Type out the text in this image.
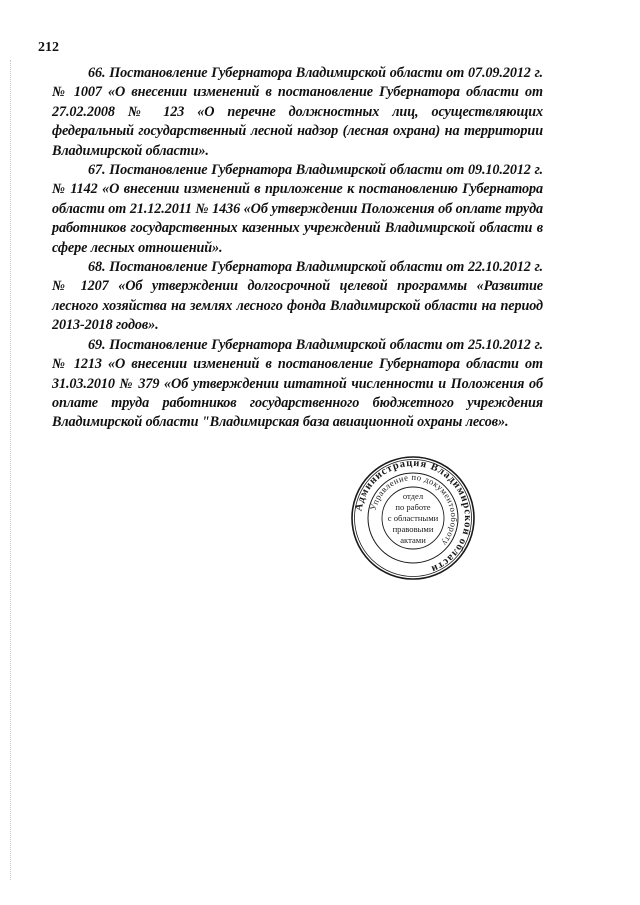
212

66. Постановление Губернатора Владимирской области от 07.09.2012 г. № 1007 «О внесении изменений в постановление Губернатора области от 27.02.2008 № 123 «О перечне должностных лиц, осуществляющих федеральный государственный лесной надзор (лесная охрана) на территории Владимирской области».

67. Постановление Губернатора Владимирской области от 09.10.2012 г. № 1142 «О внесении изменений в приложение к постановлению Губернатора области от 21.12.2011 № 1436 «Об утверждении Положения об оплате труда работников государственных казенных учреждений Владимирской области в сфере лесных отношений».

68. Постановление Губернатора Владимирской области от 22.10.2012 г. № 1207 «Об утверждении долгосрочной целевой программы «Развитие лесного хозяйства на землях лесного фонда Владимирской области на период 2013-2018 годов».

69. Постановление Губернатора Владимирской области от 25.10.2012 г. № 1213 «О внесении изменений в постановление Губернатора области от 31.03.2010 № 379 «Об утверждении штатной численности и Положения об оплате труда работников государственного бюджетного учреждения Владимирской области "Владимирская база авиационной охраны лесов».

Администрация Владимирской области
Управление по документообороту
отдел
по работе
с областными
правовыми
актами
